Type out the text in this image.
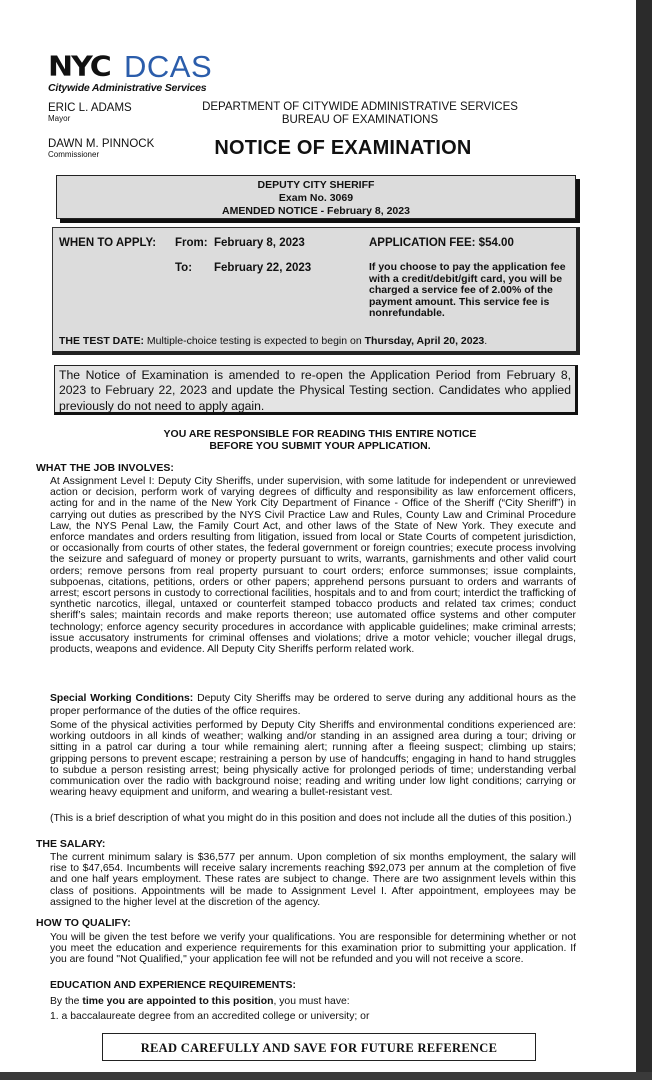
NYC DCAS
Citywide Administrative Services
ERIC L. ADAMS
Mayor
DAWN M. PINNOCK
Commissioner
DEPARTMENT OF CITYWIDE ADMINISTRATIVE SERVICES
BUREAU OF EXAMINATIONS
NOTICE OF EXAMINATION
DEPUTY CITY SHERIFF
Exam No. 3069
AMENDED NOTICE - February 8, 2023
WHEN TO APPLY: From: February 8, 2023
To: February 22, 2023
APPLICATION FEE: $54.00
If you choose to pay the application fee with a credit/debit/gift card, you will be charged a service fee of 2.00% of the payment amount. This service fee is nonrefundable.
THE TEST DATE: Multiple-choice testing is expected to begin on Thursday, April 20, 2023.
The Notice of Examination is amended to re-open the Application Period from February 8, 2023 to February 22, 2023 and update the Physical Testing section. Candidates who applied previously do not need to apply again.
YOU ARE RESPONSIBLE FOR READING THIS ENTIRE NOTICE
BEFORE YOU SUBMIT YOUR APPLICATION.
WHAT THE JOB INVOLVES:
At Assignment Level I: Deputy City Sheriffs, under supervision, with some latitude for independent or unreviewed action or decision, perform work of varying degrees of difficulty and responsibility as law enforcement officers, acting for and in the name of the New York City Department of Finance - Office of the Sheriff (“City Sheriff”) in carrying out duties as prescribed by the NYS Civil Practice Law and Rules, County Law and Criminal Procedure Law, the NYS Penal Law, the Family Court Act, and other laws of the State of New York. They execute and enforce mandates and orders resulting from litigation, issued from local or State Courts of competent jurisdiction, or occasionally from courts of other states, the federal government or foreign countries; execute process involving the seizure and safeguard of money or property pursuant to writs, warrants, garnishments and other valid court orders; remove persons from real property pursuant to court orders; enforce summonses; issue complaints, subpoenas, citations, petitions, orders or other papers; apprehend persons pursuant to orders and warrants of arrest; escort persons in custody to correctional facilities, hospitals and to and from court; interdict the trafficking of synthetic narcotics, illegal, untaxed or counterfeit stamped tobacco products and related tax crimes; conduct sheriff’s sales; maintain records and make reports thereon; use automated office systems and other computer technology; enforce agency security procedures in accordance with applicable guidelines; make criminal arrests; issue accusatory instruments for criminal offenses and violations; drive a motor vehicle; voucher illegal drugs, products, weapons and evidence. All Deputy City Sheriffs perform related work.
Special Working Conditions: Deputy City Sheriffs may be ordered to serve during any additional hours as the proper performance of the duties of the office requires.
Some of the physical activities performed by Deputy City Sheriffs and environmental conditions experienced are: working outdoors in all kinds of weather; walking and/or standing in an assigned area during a tour; driving or sitting in a patrol car during a tour while remaining alert; running after a fleeing suspect; climbing up stairs; gripping persons to prevent escape; restraining a person by use of handcuffs; engaging in hand to hand struggles to subdue a person resisting arrest; being physically active for prolonged periods of time; understanding verbal communication over the radio with background noise; reading and writing under low light conditions; carrying or wearing heavy equipment and uniform, and wearing a bullet-resistant vest.
(This is a brief description of what you might do in this position and does not include all the duties of this position.)
THE SALARY:
The current minimum salary is $36,577 per annum. Upon completion of six months employment, the salary will rise to $47,654. Incumbents will receive salary increments reaching $92,073 per annum at the completion of five and one half years employment. These rates are subject to change. There are two assignment levels within this class of positions. Appointments will be made to Assignment Level I. After appointment, employees may be assigned to the higher level at the discretion of the agency.
HOW TO QUALIFY:
You will be given the test before we verify your qualifications. You are responsible for determining whether or not you meet the education and experience requirements for this examination prior to submitting your application. If you are found "Not Qualified," your application fee will not be refunded and you will not receive a score.
EDUCATION AND EXPERIENCE REQUIREMENTS:
By the time you are appointed to this position, you must have:
1. a baccalaureate degree from an accredited college or university; or
READ CAREFULLY AND SAVE FOR FUTURE REFERENCE
